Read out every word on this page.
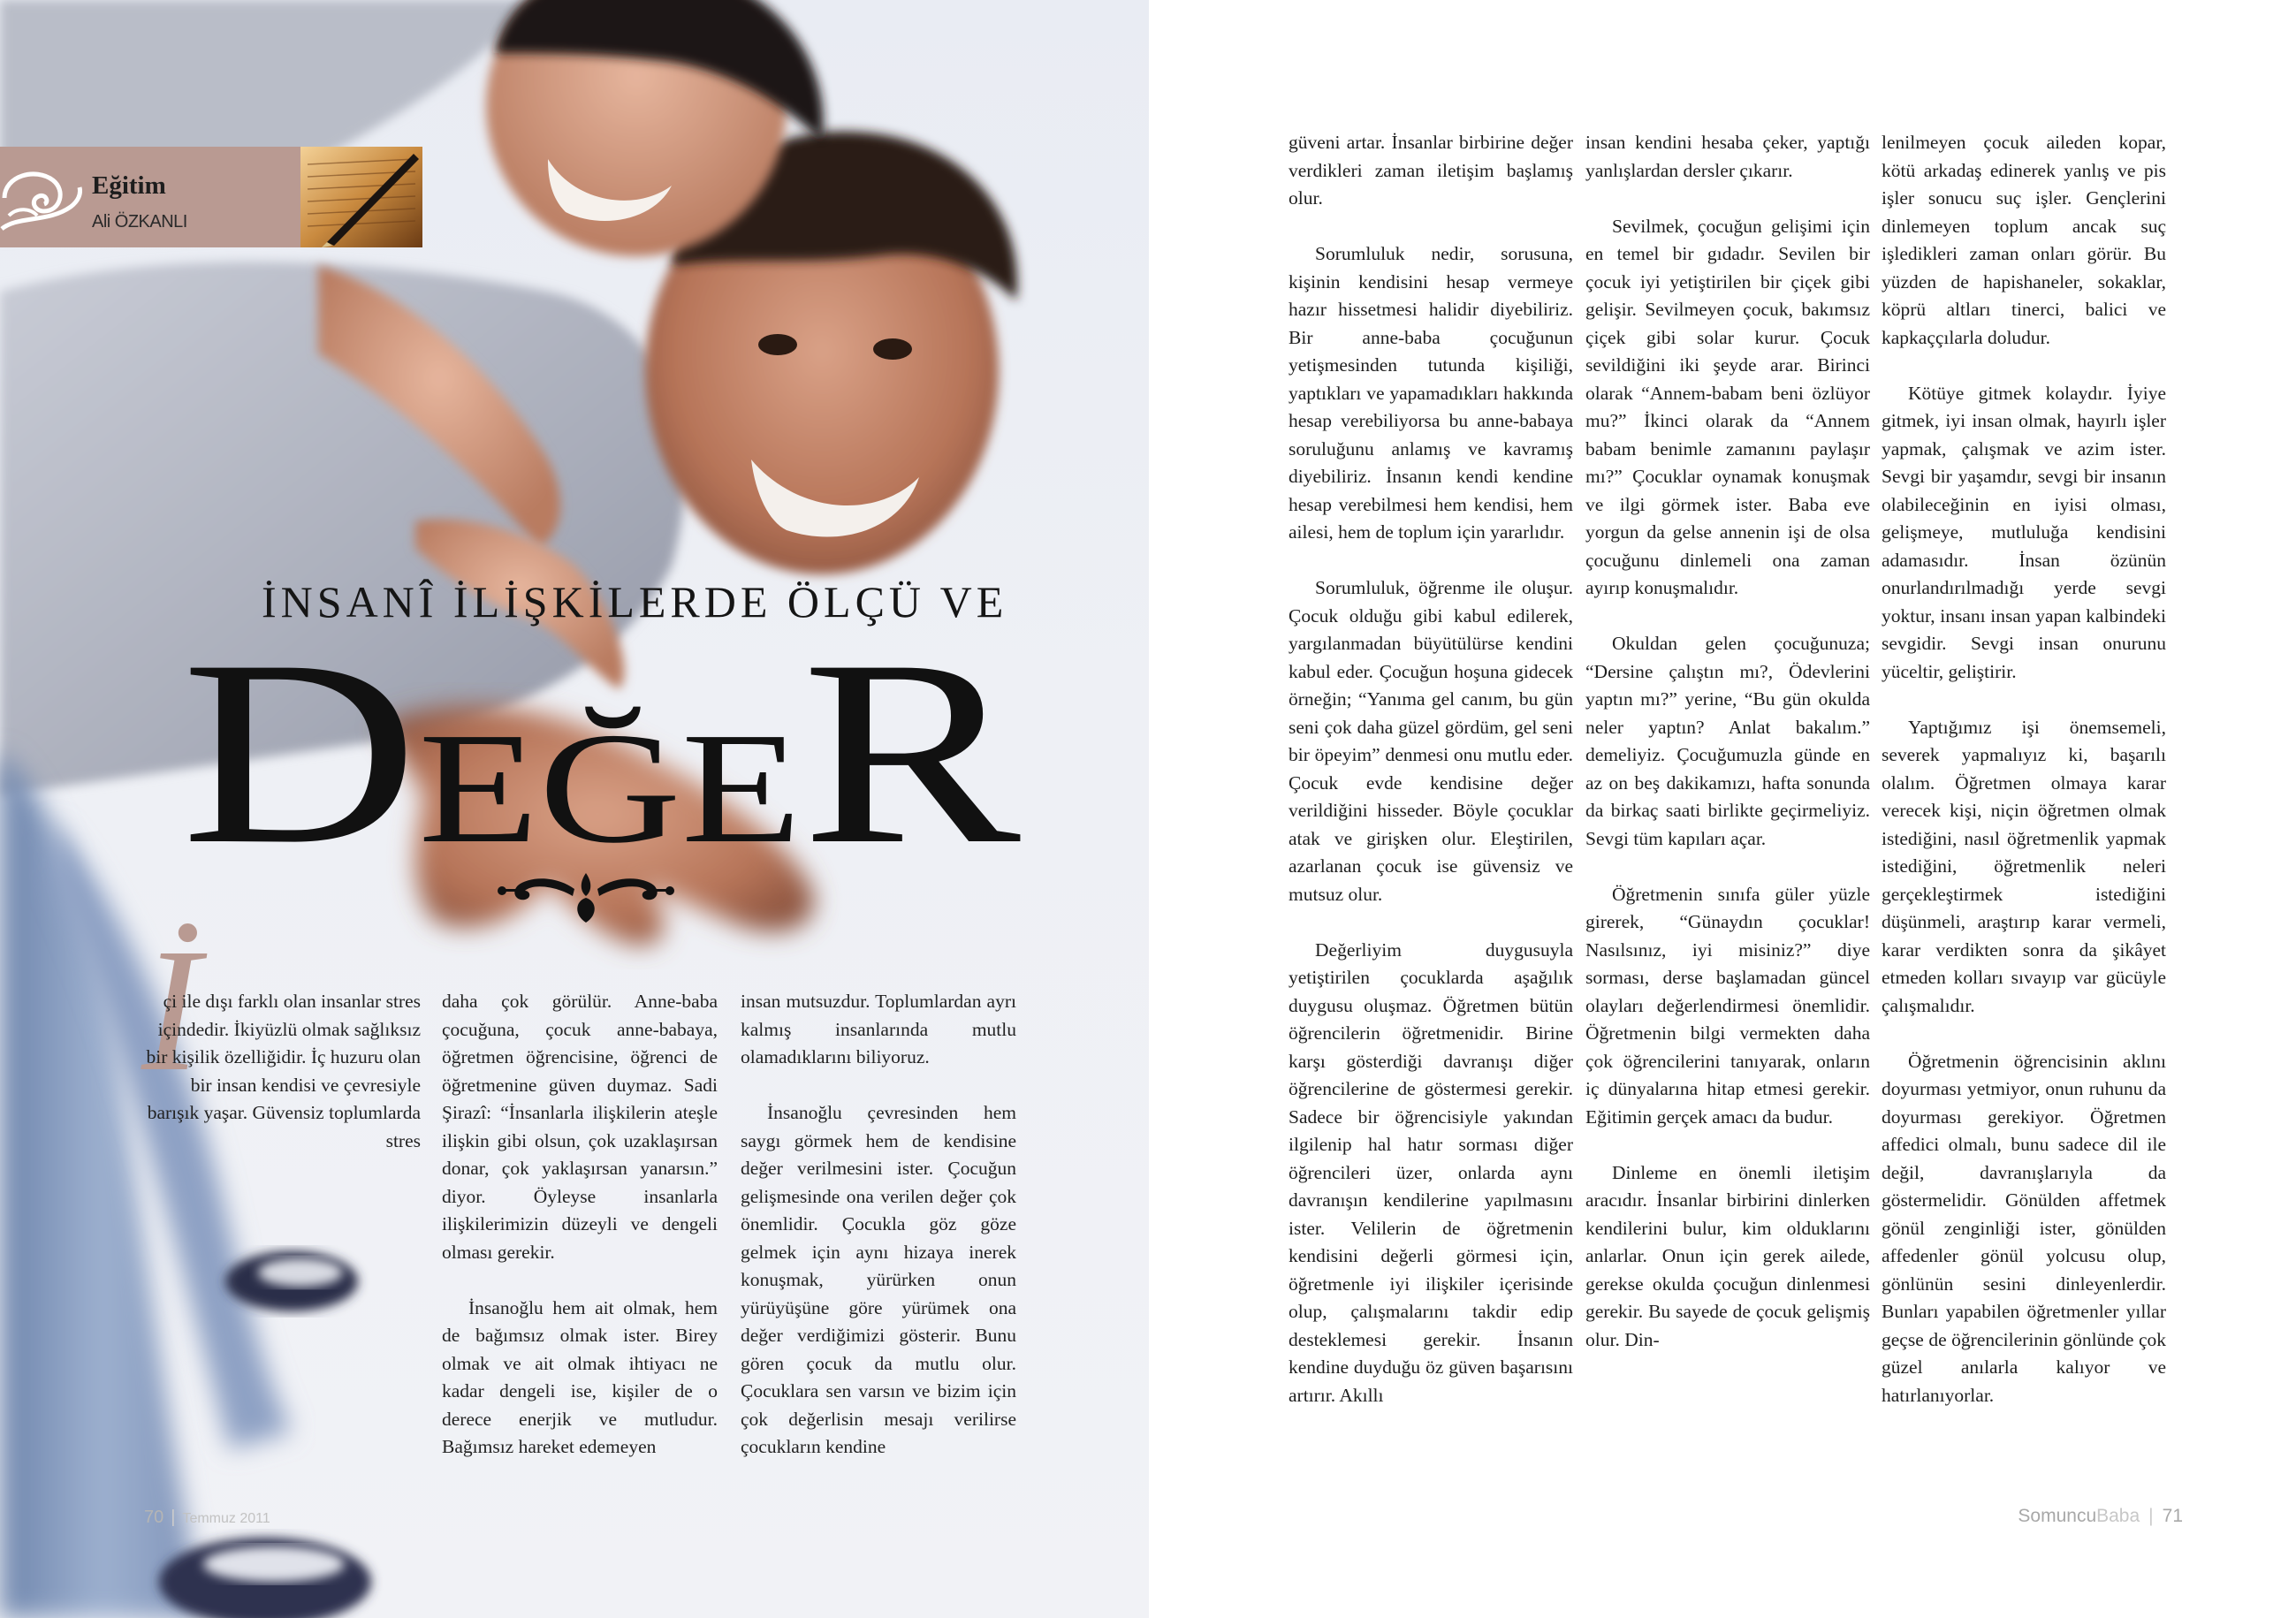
Eğitim
Ali ÖZKANLI
İNSANÎ İLİŞKİLERDE ÖLÇÜ VE
DEĞE R
İ

çi ile dışı farklı olan insanlar stres içindedir. İkiyüzlü olmak sağlıksız bir kişilik özelliğidir. İç huzuru olan bir insan kendisi ve çevresiyle barışık yaşar. Güvensiz toplumlarda stres

daha çok görülür. Anne-baba çocuğuna, çocuk anne-babaya, öğretmen öğrencisine, öğrenci de öğretmenine güven duymaz. Sadi Şirazî: “İnsanlarla ilişkilerin ateşle ilişkin gibi olsun, çok uzaklaşırsan donar, çok yaklaşırsan yanarsın.” diyor. Öyleyse insanlarla ilişkilerimizin düzeyli ve dengeli olması gerekir.

İnsanoğlu hem ait olmak, hem de bağımsız olmak ister. Birey olmak ve ait olmak ihtiyacı ne kadar dengeli ise, kişiler de o derece enerjik ve mutludur. Bağımsız hareket edemeyen

insan mutsuzdur. Toplumlardan ayrı kalmış insanlarında mutlu olamadıklarını biliyoruz.

İnsanoğlu çevresinden hem saygı görmek hem de kendisine değer verilmesini ister. Çocuğun gelişmesinde ona verilen değer çok önemlidir. Çocukla göz göze gelmek için aynı hizaya inerek konuşmak, yürürken onun yürüyüşüne göre yürümek ona değer verdiğimizi gösterir. Bunu gören çocuk da mutlu olur. Çocuklara sen varsın ve bizim için çok değerlisin mesajı verilirse çocukların kendine

70 | Temmuz 2011

güveni artar. İnsanlar birbirine değer verdikleri zaman iletişim başlamış olur.

Sorumluluk nedir, sorusuna, kişinin kendisini hesap vermeye hazır hissetmesi halidir diyebiliriz. Bir anne-baba çocuğunun yetişmesinden tutunda kişiliği, yaptıkları ve yapamadıkları hakkında hesap verebiliyorsa bu anne-babaya soruluğunu anlamış ve kavramış diyebiliriz. İnsanın kendi kendine hesap verebilmesi hem kendisi, hem ailesi, hem de toplum için yararlıdır.

Sorumluluk, öğrenme ile oluşur. Çocuk olduğu gibi kabul edilerek, yargılanmadan büyütülürse kendini kabul eder. Çocuğun hoşuna gidecek örneğin; “Yanıma gel canım, bu gün seni çok daha güzel gördüm, gel seni bir öpeyim” denmesi onu mutlu eder. Çocuk evde kendisine değer verildiğini hisseder. Böyle çocuklar atak ve girişken olur. Eleştirilen, azarlanan çocuk ise güvensiz ve mutsuz olur.

Değerliyim duygusuyla yetiştirilen çocuklarda aşağılık duygusu oluşmaz. Öğretmen bütün öğrencilerin öğretmenidir. Birine karşı gösterdiği davranışı diğer öğrencilerine de göstermesi gerekir. Sadece bir öğrencisiyle yakından ilgilenip hal hatır sorması diğer öğrencileri üzer, onlarda aynı davranışın kendilerine yapılmasını ister. Velilerin de öğretmenin kendisini değerli görmesi için, öğretmenle iyi ilişkiler içerisinde olup, çalışmalarını takdir edip desteklemesi gerekir. İnsanın kendine duyduğu öz güven başarısını artırır. Akıllı

insan kendini hesaba çeker, yaptığı yanlışlardan dersler çıkarır.

Sevilmek, çocuğun gelişimi için en temel bir gıdadır. Sevilen bir çocuk iyi yetiştirilen bir çiçek gibi gelişir. Sevilmeyen çocuk, bakımsız çiçek gibi solar kurur. Çocuk sevildiğini iki şeyde arar. Birinci olarak “Annem-babam beni özlüyor mu?” İkinci olarak da “Annem babam benimle zamanını paylaşır mı?” Çocuklar oynamak konuşmak ve ilgi görmek ister. Baba eve yorgun da gelse annenin işi de olsa çocuğunu dinlemeli ona zaman ayırıp konuşmalıdır.

Okuldan gelen çocuğunuza; “Dersine çalıştın mı?, Ödevlerini yaptın mı?” yerine, “Bu gün okulda neler yaptın? Anlat bakalım.” demeliyiz. Çocuğumuzla günde en az on beş dakikamızı, hafta sonunda da birkaç saati birlikte geçirmeliyiz. Sevgi tüm kapıları açar.

Öğretmenin sınıfa güler yüzle girerek, “Günaydın çocuklar! Nasılsınız, iyi misiniz?” diye sorması, derse başlamadan güncel olayları değerlendirmesi önemlidir. Öğretmenin bilgi vermekten daha çok öğrencilerini tanıyarak, onların iç dünyalarına hitap etmesi gerekir. Eğitimin gerçek amacı da budur.

Dinleme en önemli iletişim aracıdır. İnsanlar birbirini dinlerken kendilerini bulur, kim olduklarını anlarlar. Onun için gerek ailede, gerekse okulda çocuğun dinlenmesi gerekir. Bu sayede de çocuk gelişmiş olur. Din-

lenilmeyen çocuk aileden kopar, kötü arkadaş edinerek yanlış ve pis işler sonucu suç işler. Gençlerini dinlemeyen toplum ancak suç işledikleri zaman onları görür. Bu yüzden de hapishaneler, sokaklar, köprü altları tinerci, balici ve kapkaççılarla doludur.

Kötüye gitmek kolaydır. İyiye gitmek, iyi insan olmak, hayırlı işler yapmak, çalışmak ve azim ister. Sevgi bir yaşamdır, sevgi bir insanın olabileceğinin en iyisi olması, gelişmeye, mutluluğa kendisini adamasıdır. İnsan özünün onurlandırılmadığı yerde sevgi yoktur, insanı insan yapan kalbindeki sevgidir. Sevgi insan onurunu yüceltir, geliştirir.

Yaptığımız işi önemsemeli, severek yapmalıyız ki, başarılı olalım. Öğretmen olmaya karar verecek kişi, niçin öğretmen olmak istediğini, nasıl öğretmenlik yapmak istediğini, öğretmenlik neleri gerçekleştirmek istediğini düşünmeli, araştırıp karar vermeli, karar verdikten sonra da şikâyet etmeden kolları sıvayıp var gücüyle çalışmalıdır.

Öğretmenin öğrencisinin aklını doyurması yetmiyor, onun ruhunu da doyurması gerekiyor. Öğretmen affedici olmalı, bunu sadece dil ile değil, davranışlarıyla da göstermelidir. Gönülden affetmek gönül zenginliği ister, gönülden affedenler gönül yolcusu olup, gönlünün sesini dinleyenlerdir. Bunları yapabilen öğretmenler yıllar geçse de öğrencilerinin gönlünde çok güzel anılarla kalıyor ve hatırlanıyorlar.

SomuncuBaba | 71
